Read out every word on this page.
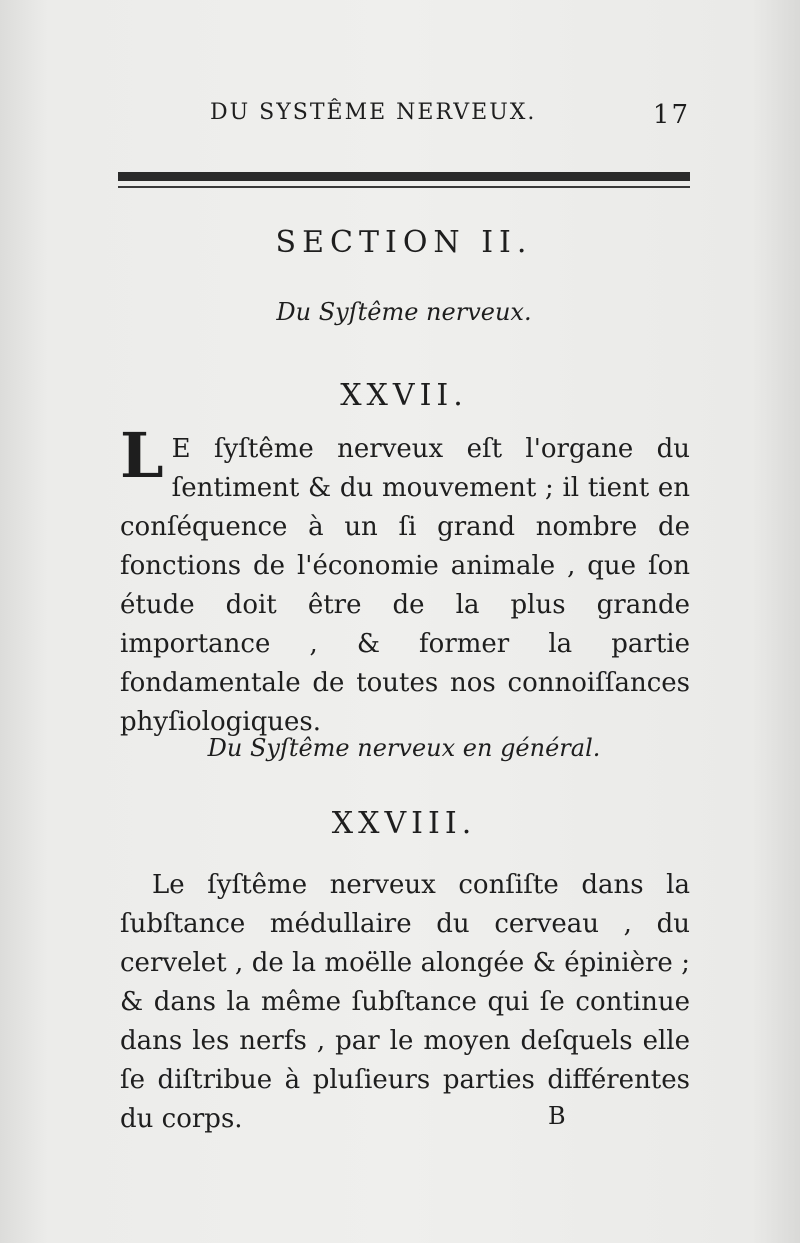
DU SYSTÊME NERVEUX.	17
SECTION II.
Du Syſtême nerveux.
XXVII.
L E ſyſtême nerveux eſt l'organe du ſentiment & du mouvement ; il tient en conſéquence à un ſi grand nombre de fonctions de l'économie animale , que ſon étude doit être de la plus grande importance , & former la partie fondamentale de toutes nos connoiſſances phyſiologiques.
Du Syſtême nerveux en général.
XXVIII.
Le ſyſtême nerveux conſiſte dans la ſubſtance médullaire du cerveau , du cervelet , de la moëlle alongée & épinière ; & dans la même ſubſtance qui ſe continue dans les nerfs , par le moyen deſquels elle ſe diſtribue à pluſieurs parties différentes du corps.	B
